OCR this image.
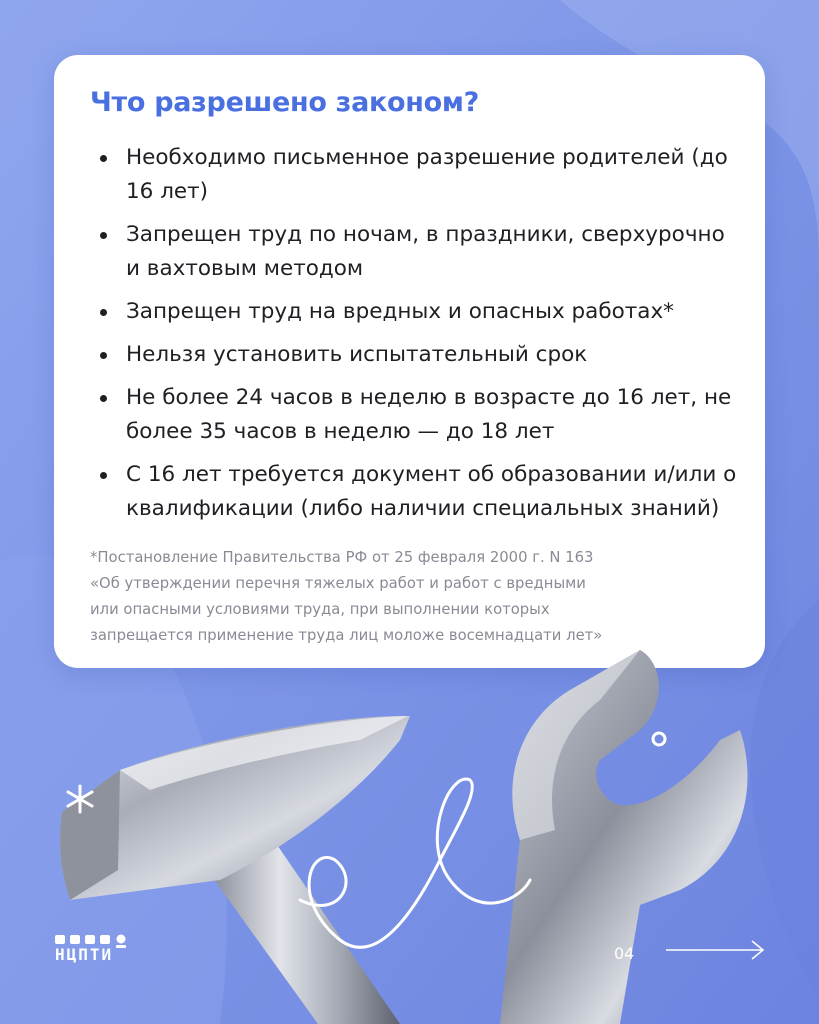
Что разрешено законом?
Необходимо письменное разрешение родителей (до 16 лет)
Запрещен труд по ночам, в праздники, сверхурочно и вахтовым методом
Запрещен труд на вредных и опасных работах*
Нельзя установить испытательный срок
Не более 24 часов в неделю в возрасте до 16 лет, не более 35 часов в неделю — до 18 лет
С 16 лет требуется документ об образовании и/или о квалификации (либо наличии специальных знаний)
*Постановление Правительства РФ от 25 февраля 2000 г. N 163
«Об утверждении перечня тяжелых работ и работ с вредными
или опасными условиями труда, при выполнении которых
запрещается применение труда лиц моложе восемнадцати лет»
НЦПТИ	04
